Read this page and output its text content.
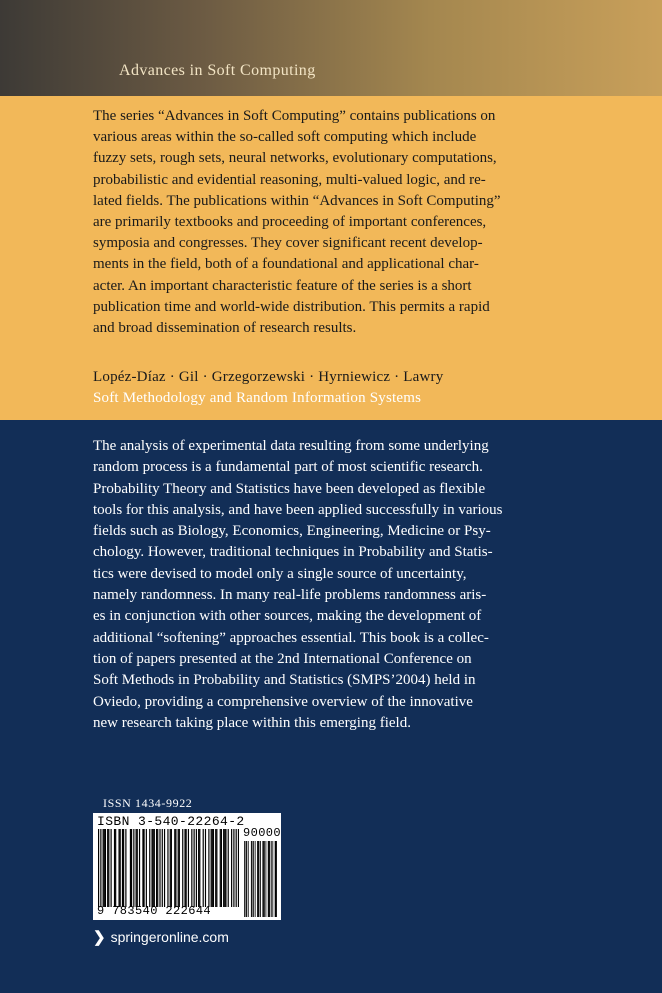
Advances in Soft Computing

The series “Advances in Soft Computing” contains publications on
various areas within the so-called soft computing which include
fuzzy sets, rough sets, neural networks, evolutionary computations,
probabilistic and evidential reasoning, multi-valued logic, and re-
lated fields. The publications within “Advances in Soft Computing”
are primarily textbooks and proceeding of important conferences,
symposia and congresses. They cover significant recent develop-
ments in the field, both of a foundational and applicational char-
acter. An important characteristic feature of the series is a short
publication time and world-wide distribution. This permits a rapid
and broad dissemination of research results.

Lopéz-Díaz · Gil · Grzegorzewski · Hyrniewicz · Lawry
Soft Methodology and Random Information Systems

The analysis of experimental data resulting from some underlying
random process is a fundamental part of most scientific research.
Probability Theory and Statistics have been developed as flexible
tools for this analysis, and have been applied successfully in various
fields such as Biology, Economics, Engineering, Medicine or Psy-
chology. However, traditional techniques in Probability and Statis-
tics were devised to model only a single source of uncertainty,
namely randomness. In many real-life problems randomness aris-
es in conjunction with other sources, making the development of
additional “softening” approaches essential. This book is a collec-
tion of papers presented at the 2nd International Conference on
Soft Methods in Probability and Statistics (SMPS’2004) held in
Oviedo, providing a comprehensive overview of the innovative
new research taking place within this emerging field.

ISSN 1434-9922
ISBN 3-540-22264-2
90000
9 783540 222644
❯ springeronline.com
